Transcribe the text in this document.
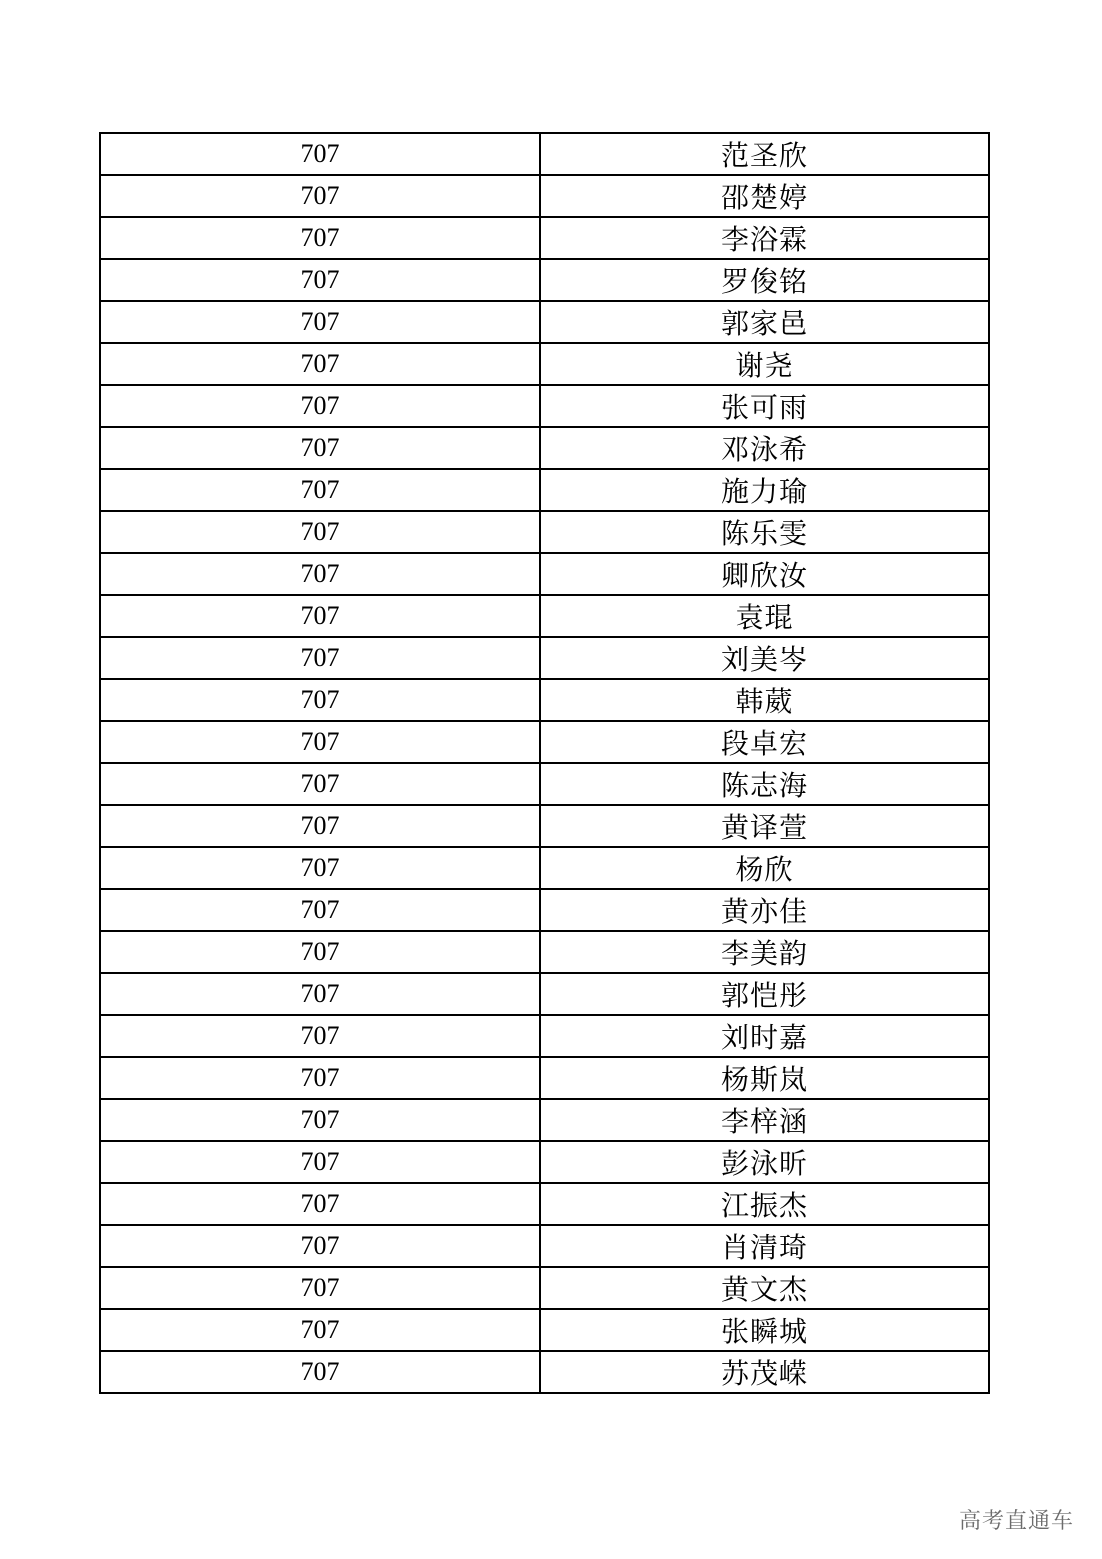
707	范圣欣
707	邵楚婷
707	李浴霖
707	罗俊铭
707	郭家邑
707	谢尧
707	张可雨
707	邓泳希
707	施力瑜
707	陈乐雯
707	卿欣汝
707	袁琨
707	刘美岑
707	韩葳
707	段卓宏
707	陈志海
707	黄译萱
707	杨欣
707	黄亦佳
707	李美韵
707	郭恺彤
707	刘时嘉
707	杨斯岚
707	李梓涵
707	彭泳昕
707	江振杰
707	肖清琦
707	黄文杰
707	张瞬城
707	苏茂嵘
高考直通车
